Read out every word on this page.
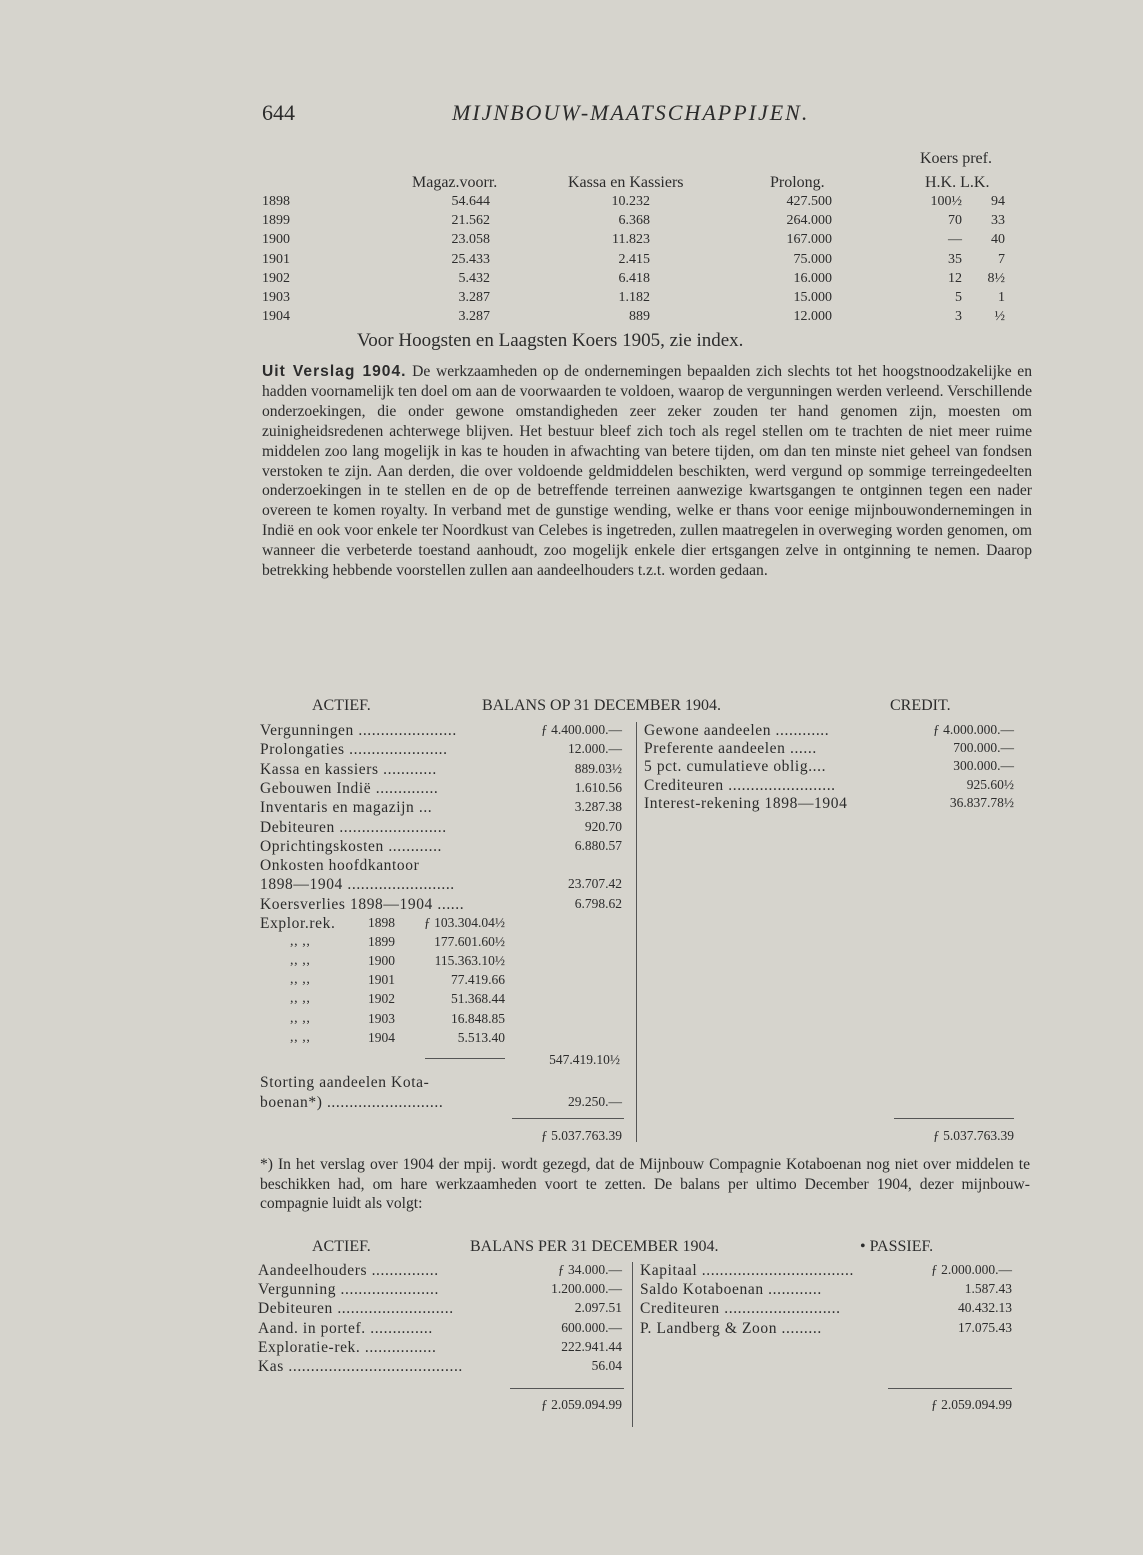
644	MIJNBOUW-MAATSCHAPPIJEN.
Koers pref.
Magaz.voorr.	Kassa en Kassiers	Prolong.	H.K. L.K.
1898	54.644	10.232	427.500	100½	94
1899	21.562	6.368	264.000	70	33
1900	23.058	11.823	167.000	—	40
1901	25.433	2.415	75.000	35	7
1902	5.432	6.418	16.000	12	8½
1903	3.287	1.182	15.000	5	1
1904	3.287	889	12.000	3	½
Voor Hoogsten en Laagsten Koers 1905, zie index.
Uit Verslag 1904. De werkzaamheden op de ondernemingen bepaalden zich slechts tot het hoogstnoodzakelijke en hadden voornamelijk ten doel om aan de voorwaarden te voldoen, waarop de vergunningen werden verleend. Verschillende onderzoekingen, die onder gewone omstandigheden zeer zeker zouden ter hand genomen zijn, moesten om zuinigheidsredenen achterwege blijven. Het bestuur bleef zich toch als regel stellen om te trachten de niet meer ruime middelen zoo lang mogelijk in kas te houden in afwachting van betere tijden, om dan ten minste niet geheel van fondsen verstoken te zijn. Aan derden, die over voldoende geldmiddelen beschikten, werd vergund op sommige terreingedeelten onderzoekingen in te stellen en de op de betreffende terreinen aanwezige kwartsgangen te ontginnen tegen een nader overeen te komen royalty. In verband met de gunstige wending, welke er thans voor eenige mijnbouwondernemingen in Indië en ook voor enkele ter Noordkust van Celebes is ingetreden, zullen maatregelen in overweging worden genomen, om wanneer die verbeterde toestand aanhoudt, zoo mogelijk enkele dier ertsgangen zelve in ontginning te nemen. Daarop betrekking hebbende voorstellen zullen aan aandeelhouders t.z.t. worden gedaan.
ACTIEF.	BALANS OP 31 DECEMBER 1904.	CREDIT.
Vergunningen ......................	ƒ 4.400.000.—
Prolongaties ......................	12.000.—
Kassa en kassiers ............	889.03½
Gebouwen Indië ..............	1.610.56
Inventaris en magazijn ...	3.287.38
Debiteuren ........................	920.70
Oprichtingskosten ............	6.880.57
Onkosten hoofdkantoor
1898—1904 ........................	23.707.42
Koersverlies 1898—1904 ......	6.798.62
Explor.rek. 1898	ƒ 103.304.04½
,, ,,	1899	177.601.60½
,, ,,	1900	115.363.10½
,, ,,	1901	77.419.66
,, ,,	1902	51.368.44
,, ,,	1903	16.848.85
,, ,,	1904	5.513.40
547.419.10½
Storting aandeelen Kota-
boenan*) ..........................	29.250.—
ƒ 5.037.763.39
Gewone aandeelen ............	ƒ 4.000.000.—
Preferente aandeelen ......	700.000.—
5 pct. cumulatieve oblig....	300.000.—
Crediteuren ........................	925.60½
Interest-rekening 1898—1904	36.837.78½
ƒ 5.037.763.39
*) In het verslag over 1904 der mpij. wordt gezegd, dat de Mijnbouw Compagnie Kotaboenan nog niet over middelen te beschikken had, om hare werkzaamheden voort te zetten. De balans per ultimo December 1904, dezer mijnbouw-compagnie luidt als volgt:
ACTIEF.	BALANS PER 31 DECEMBER 1904.	• PASSIEF.
Aandeelhouders ...............	ƒ 34.000.—
Vergunning ......................	1.200.000.—
Debiteuren ..........................	2.097.51
Aand. in portef. ..............	600.000.—
Exploratie-rek. ................	222.941.44
Kas .......................................	56.04
Kapitaal ..................................	ƒ 2.000.000.—
Saldo Kotaboenan ............	1.587.43
Crediteuren ..........................	40.432.13
P. Landberg & Zoon .........	17.075.43
ƒ 2.059.094.99	ƒ 2.059.094.99
